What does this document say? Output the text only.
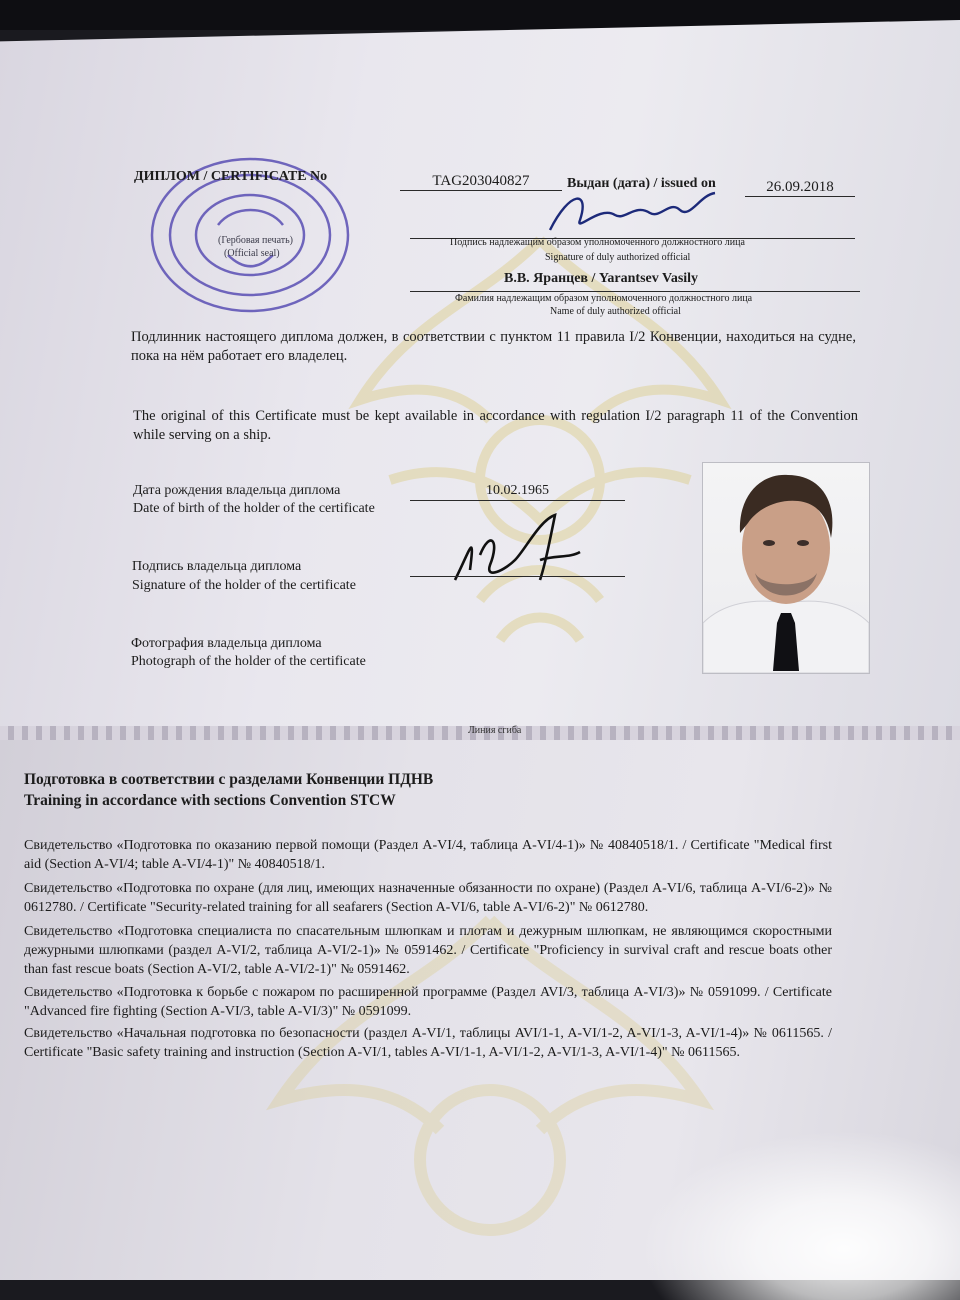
(Гербовая печать)
(Official seal)
ДИПЛОМ / CERTIFICATE No	TAG203040827	Выдан (дата) / issued on	26.09.2018
Подпись надлежащим образом уполномоченного должностного лица
Signature of duly authorized official
В.В. Яранцев / Yarantsev Vasily
Фамилия надлежащим образом уполномоченного должностного лица
Name of duly authorized official
Подлинник настоящего диплома должен, в соответствии с пунктом 11 правила I/2 Конвенции, находиться на судне, пока на нём работает его владелец.
The original of this Certificate must be kept available in accordance with regulation I/2 paragraph 11 of the Convention while serving on a ship.
Дата рождения владельца диплома
Date of birth of the holder of the certificate
10.02.1965
Подпись владельца диплома
Signature of the holder of the certificate
Фотография владельца диплома
Photograph of the holder of the certificate
Линия сгиба
Подготовка в соответствии с разделами Конвенции ПДНВ
Training in accordance with sections Convention STCW
Свидетельство «Подготовка по оказанию первой помощи (Раздел A-VI/4, таблица A-VI/4-1)» № 40840518/1. / Certificate "Medical first aid (Section A-VI/4; table A-VI/4-1)" № 40840518/1.
Свидетельство «Подготовка по охране (для лиц, имеющих назначенные обязанности по охране) (Раздел A-VI/6, таблица A-VI/6-2)» № 0612780. / Certificate "Security-related training for all seafarers (Section A-VI/6, table A-VI/6-2)" № 0612780.
Свидетельство «Подготовка специалиста по спасательным шлюпкам и плотам и дежурным шлюпкам, не являющимся скоростными дежурными шлюпками (раздел A-VI/2, таблица A-VI/2-1)» № 0591462. / Certificate "Proficiency in survival craft and rescue boats other than fast rescue boats (Section A-VI/2, table A-VI/2-1)" № 0591462.
Свидетельство «Подготовка к борьбе с пожаром по расширенной программе (Раздел AVI/3, таблица A-VI/3)» № 0591099. / Certificate "Advanced fire fighting (Section A-VI/3, table A-VI/3)" № 0591099.
Свидетельство «Начальная подготовка по безопасности (раздел A-VI/1, таблицы AVI/1-1, A-VI/1-2, A-VI/1-3, A-VI/1-4)» № 0611565. / Certificate "Basic safety training and instruction (Section A-VI/1, tables A-VI/1-1, A-VI/1-2, A-VI/1-3, A-VI/1-4)" № 0611565.
